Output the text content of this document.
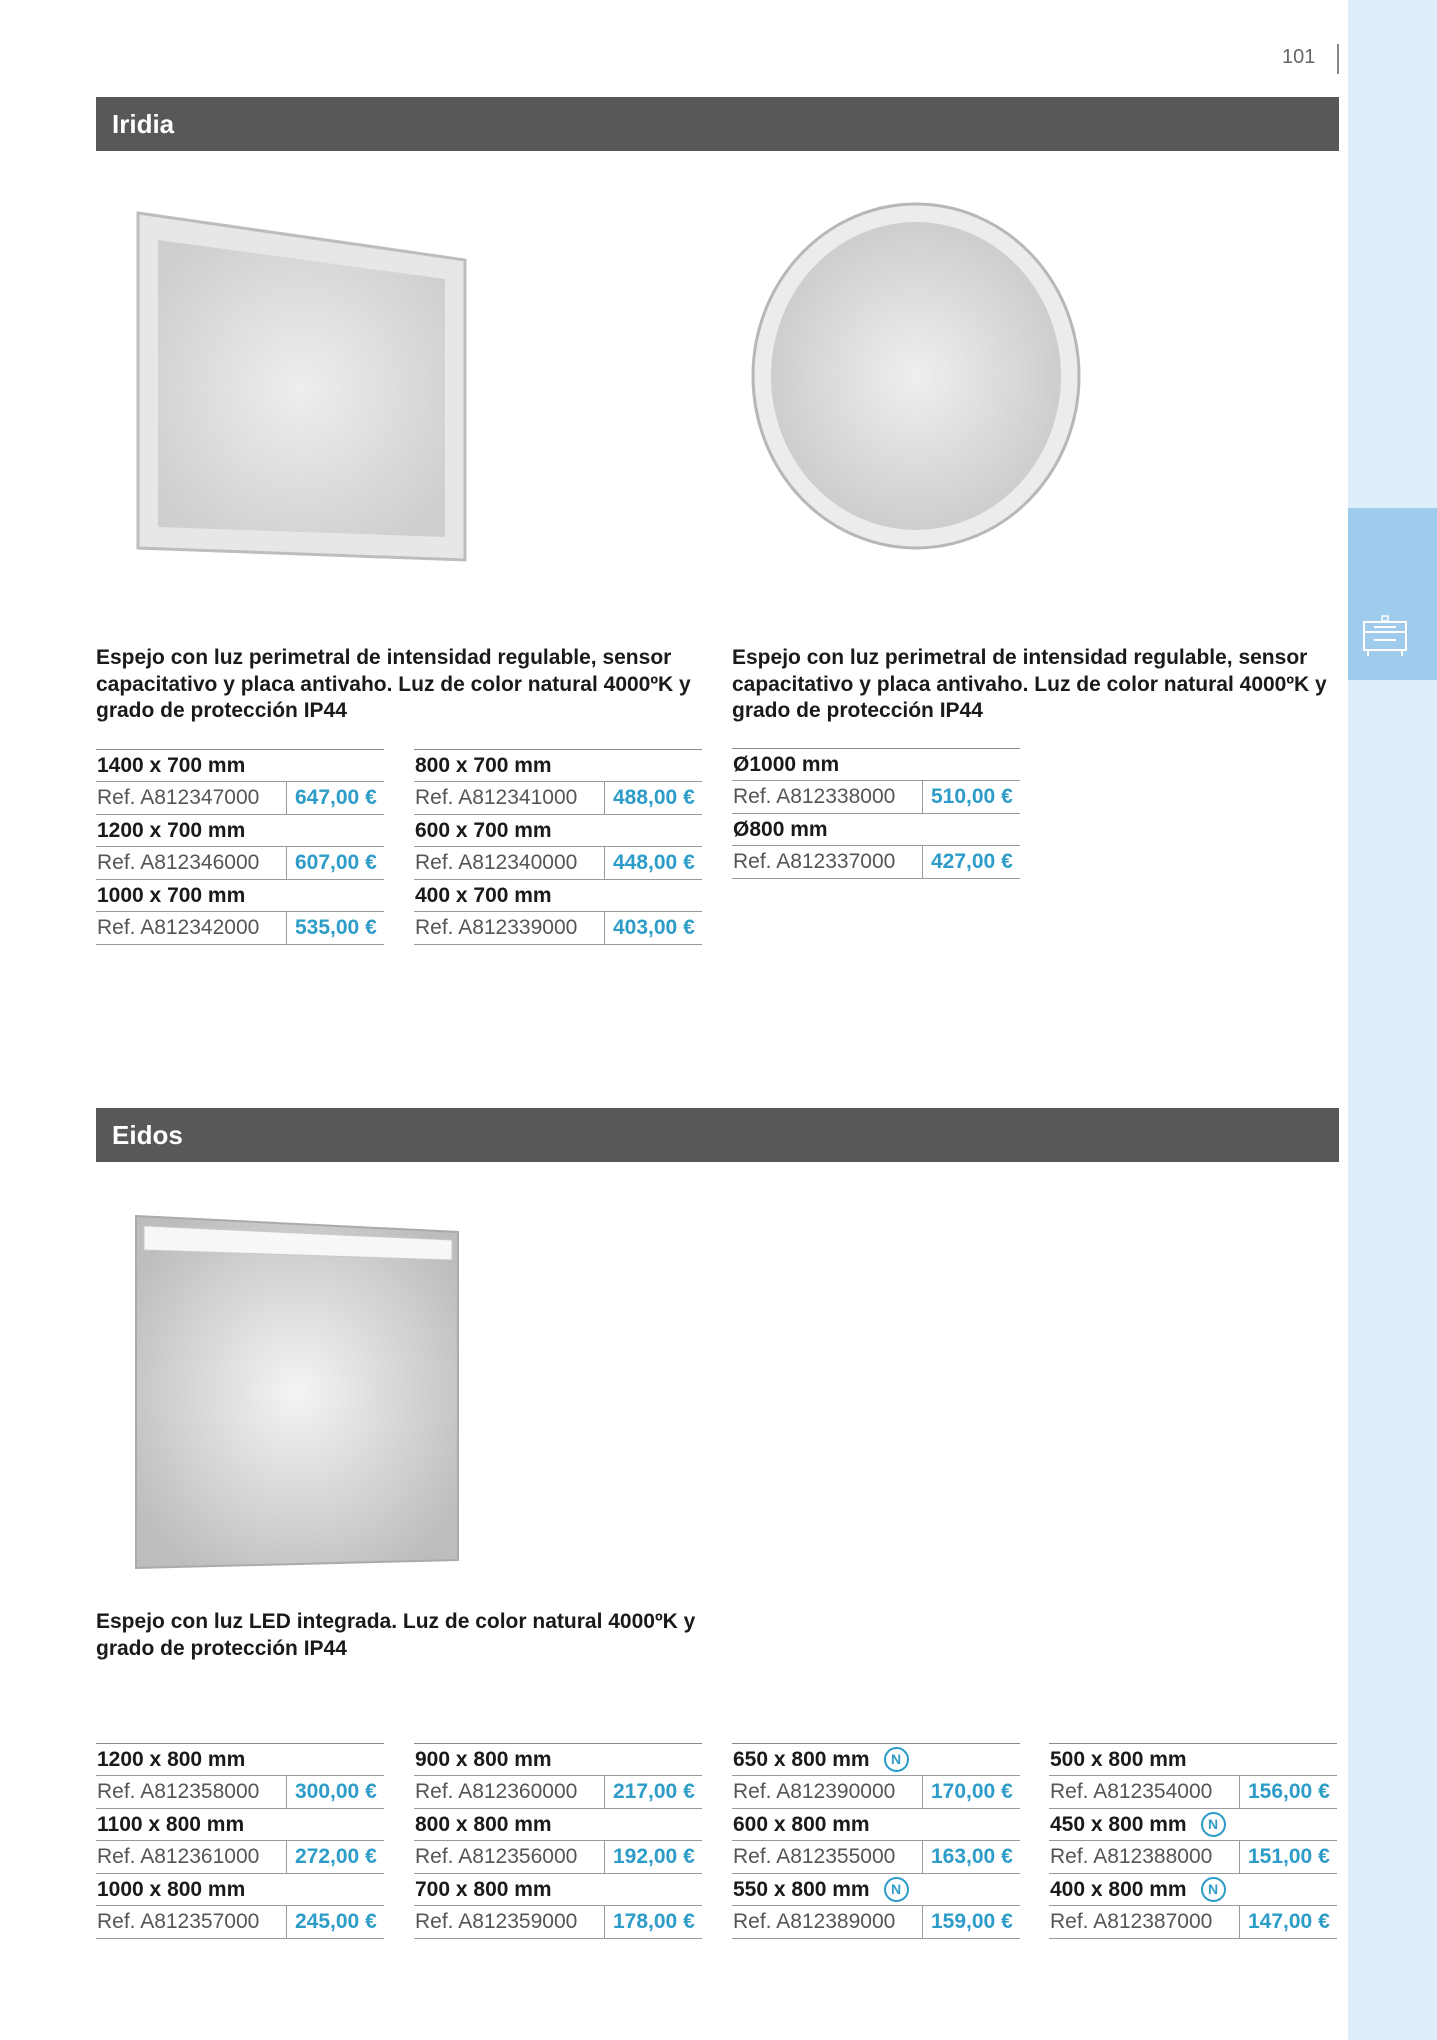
101
Iridia
Espejo con luz perimetral de intensidad regulable, sensor capacitativo y placa antivaho. Luz de color natural 4000ºK y grado de protección IP44
Espejo con luz perimetral de intensidad regulable, sensor capacitativo y placa antivaho. Luz de color natural 4000ºK y grado de protección IP44
1400 x 700 mm
Ref. A812347000	647,00 €
1200 x 700 mm
Ref. A812346000	607,00 €
1000 x 700 mm
Ref. A812342000	535,00 €
800 x 700 mm
Ref. A812341000	488,00 €
600 x 700 mm
Ref. A812340000	448,00 €
400 x 700 mm
Ref. A812339000	403,00 €
Ø1000 mm
Ref. A812338000	510,00 €
Ø800 mm
Ref. A812337000	427,00 €
Eidos
Espejo con luz LED integrada. Luz de color natural 4000ºK y grado de protección IP44
1200 x 800 mm
Ref. A812358000	300,00 €
1100 x 800 mm
Ref. A812361000	272,00 €
1000 x 800 mm
Ref. A812357000	245,00 €
900 x 800 mm
Ref. A812360000	217,00 €
800 x 800 mm
Ref. A812356000	192,00 €
700 x 800 mm
Ref. A812359000	178,00 €
650 x 800 mm	N
Ref. A812390000	170,00 €
600 x 800 mm
Ref. A812355000	163,00 €
550 x 800 mm	N
Ref. A812389000	159,00 €
500 x 800 mm
Ref. A812354000	156,00 €
450 x 800 mm	N
Ref. A812388000	151,00 €
400 x 800 mm	N
Ref. A812387000	147,00 €
